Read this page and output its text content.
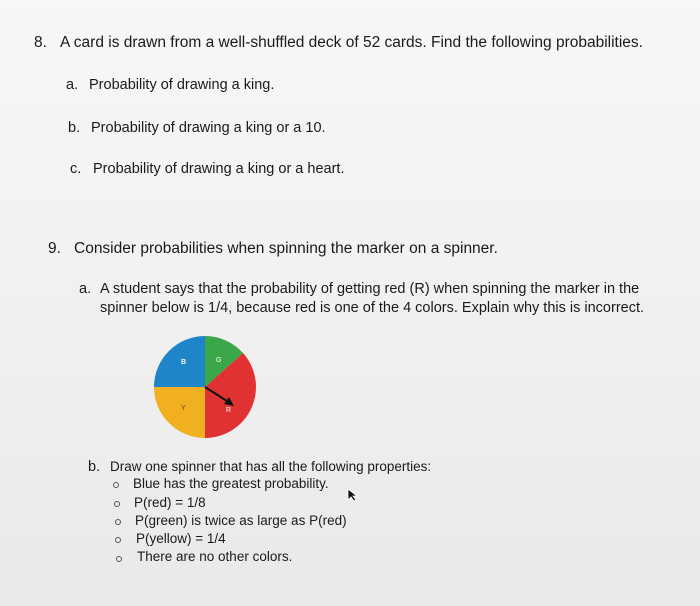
8. A card is drawn from a well-shuffled deck of 52 cards. Find the following probabilities.
a. Probability of drawing a king.
b. Probability of drawing a king or a 10.
c. Probability of drawing a king or a heart.
9. Consider probabilities when spinning the marker on a spinner.
a. A student says that the probability of getting red (R) when spinning the marker in the
spinner below is 1/4, because red is one of the 4 colors. Explain why this is incorrect.
B	G
R
Y
b. Draw one spinner that has all the following properties:
Blue has the greatest probability.
P(red) = 1/8
P(green) is twice as large as P(red)
P(yellow) = 1/4
There are no other colors.
